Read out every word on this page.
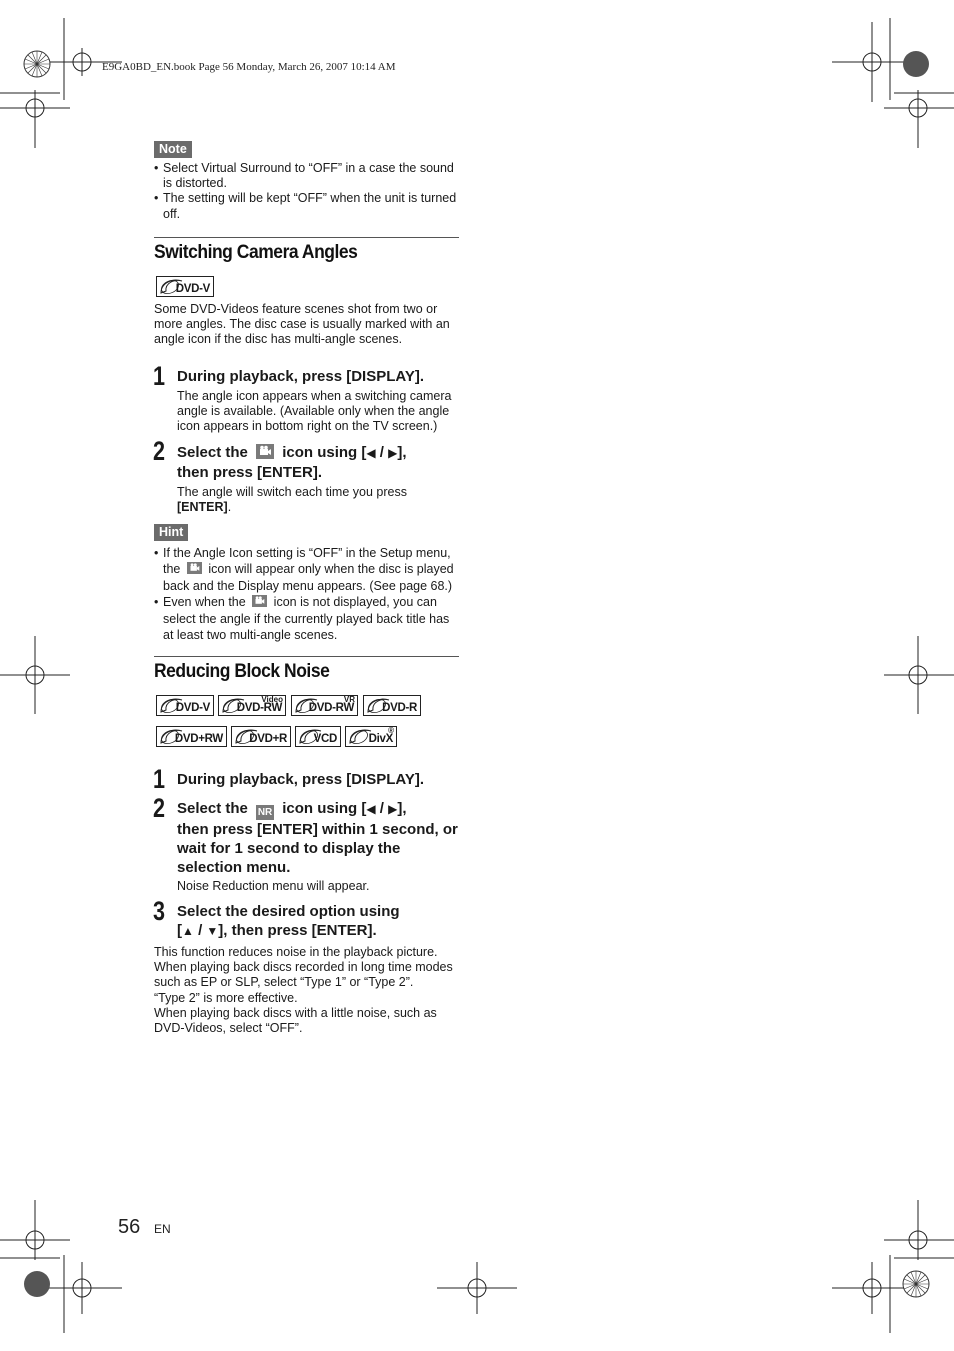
E9GA0BD_EN.book Page 56 Monday, March 26, 2007 10:14 AM
Note
• Select Virtual Surround to “OFF” in a case the sound is distorted.
• The setting will be kept “OFF” when the unit is turned off.
Switching Camera Angles
DVD-V
Some DVD-Videos feature scenes shot from two or more angles. The disc case is usually marked with an angle icon if the disc has multi-angle scenes.
1 During playback, press [DISPLAY].
The angle icon appears when a switching camera angle is available. (Available only when the angle icon appears in bottom right on the TV screen.)
2 Select the icon using [◀ / ▶],
then press [ENTER].
The angle will switch each time you press
[ENTER].
Hint
• If the Angle Icon setting is “OFF” in the Setup menu, the icon will appear only when the disc is played back and the Display menu appears. (See page 68.)
• Even when the icon is not displayed, you can select the angle if the currently played back title has at least two multi-angle scenes.
Reducing Block Noise
DVD-V DVD-RW
Video
DVD-RW
VR
DVD-R
DVD+RW DVD+R VCD	DivX
®
1 During playback, press [DISPLAY].
2 Select the NR icon using [◀ / ▶],
then press [ENTER] within 1 second, or wait for 1 second to display the selection menu.
Noise Reduction menu will appear.
3 Select the desired option using
[▲ / ▼], then press [ENTER].
This function reduces noise in the playback picture.
When playing back discs recorded in long time modes such as EP or SLP, select “Type 1” or “Type 2”.
“Type 2” is more effective.
When playing back discs with a little noise, such as DVD-Videos, select “OFF”.
56 EN
